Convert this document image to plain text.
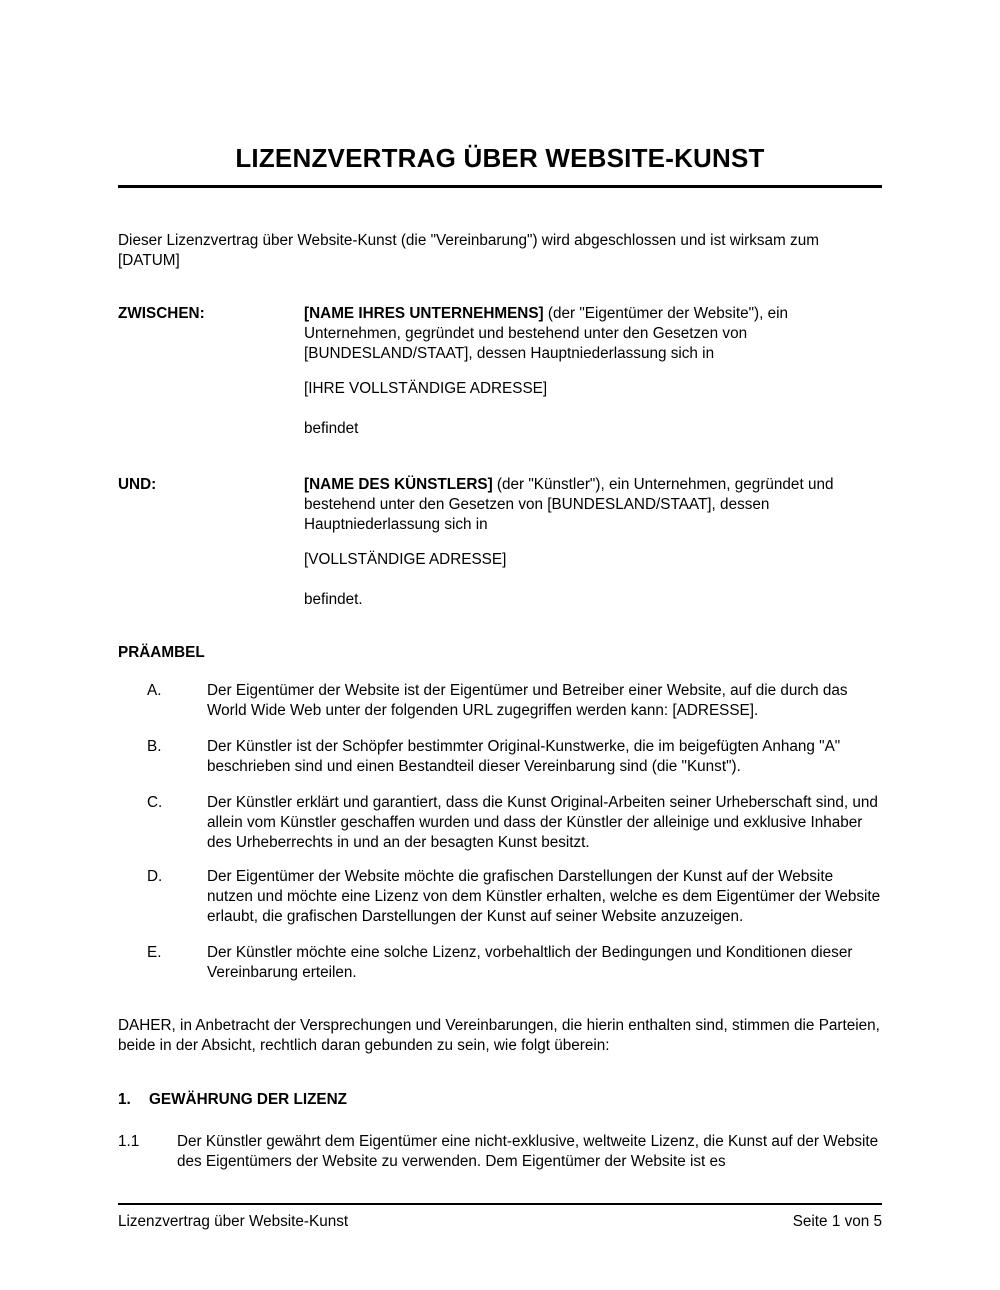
LIZENZVERTRAG ÜBER WEBSITE-KUNST

Dieser Lizenzvertrag über Website-Kunst (die "Vereinbarung") wird abgeschlossen und ist wirksam zum [DATUM]

ZWISCHEN:	[NAME IHRES UNTERNEHMENS] (der "Eigentümer der Website"), ein Unternehmen, gegründet und bestehend unter den Gesetzen von [BUNDESLAND/STAAT], dessen Hauptniederlassung sich in

[IHRE VOLLSTÄNDIGE ADRESSE]

befindet

UND:	[NAME DES KÜNSTLERS] (der "Künstler"), ein Unternehmen, gegründet und bestehend unter den Gesetzen von [BUNDESLAND/STAAT], dessen Hauptniederlassung sich in

[VOLLSTÄNDIGE ADRESSE]

befindet.

PRÄAMBEL
A.	Der Eigentümer der Website ist der Eigentümer und Betreiber einer Website, auf die durch das World Wide Web unter der folgenden URL zugegriffen werden kann: [ADRESSE].
B.	Der Künstler ist der Schöpfer bestimmter Original-Kunstwerke, die im beigefügten Anhang "A" beschrieben sind und einen Bestandteil dieser Vereinbarung sind (die "Kunst").
C.	Der Künstler erklärt und garantiert, dass die Kunst Original-Arbeiten seiner Urheberschaft sind, und allein vom Künstler geschaffen wurden und dass der Künstler der alleinige und exklusive Inhaber des Urheberrechts in und an der besagten Kunst besitzt.
D.	Der Eigentümer der Website möchte die grafischen Darstellungen der Kunst auf der Website nutzen und möchte eine Lizenz von dem Künstler erhalten, welche es dem Eigentümer der Website erlaubt, die grafischen Darstellungen der Kunst auf seiner Website anzuzeigen.
E.	Der Künstler möchte eine solche Lizenz, vorbehaltlich der Bedingungen und Konditionen dieser Vereinbarung erteilen.

DAHER, in Anbetracht der Versprechungen und Vereinbarungen, die hierin enthalten sind, stimmen die Parteien, beide in der Absicht, rechtlich daran gebunden zu sein, wie folgt überein:

1.	GEWÄHRUNG DER LIZENZ
1.1	Der Künstler gewährt dem Eigentümer eine nicht-exklusive, weltweite Lizenz, die Kunst auf der Website des Eigentümers der Website zu verwenden. Dem Eigentümer der Website ist es
Lizenzvertrag über Website-Kunst	Seite 1 von 5
